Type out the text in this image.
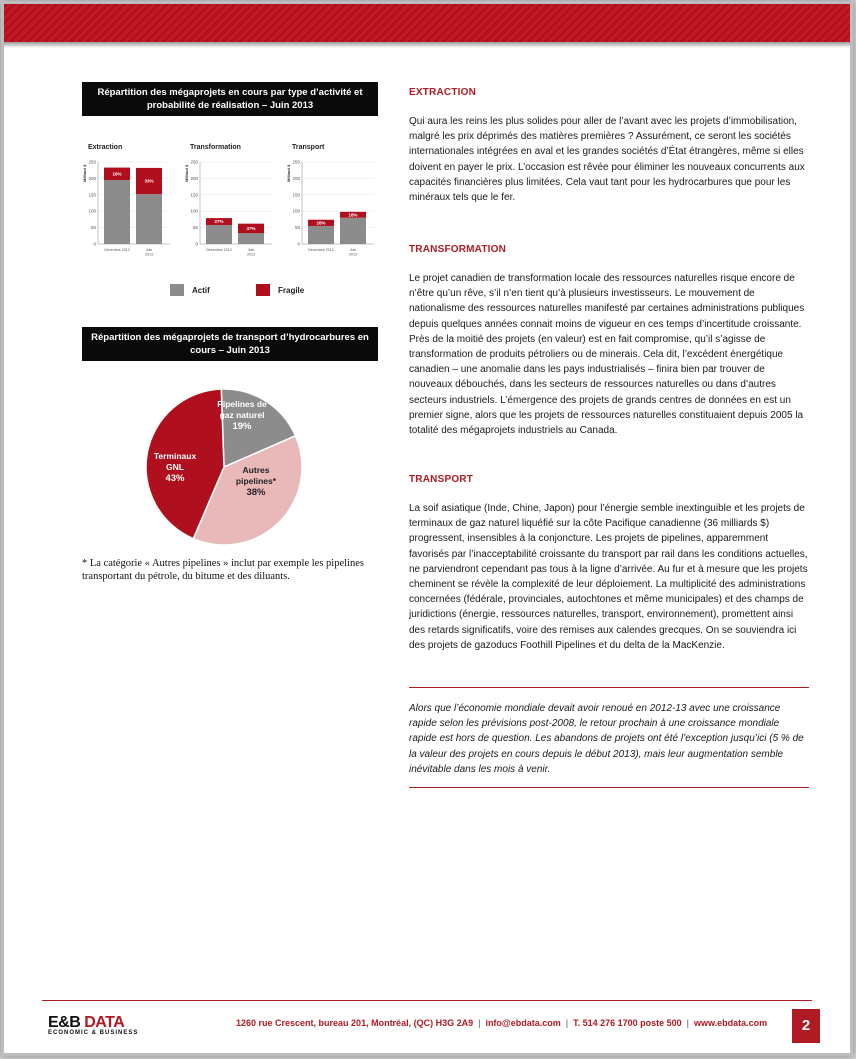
Répartition des mégaprojets en cours par type d’activité et probabilité de réalisation – Juin 2013
Extraction
Milliard $
250
200
150
100
50
0
16%
Décembre 2012
33%
Juin 2013
Transformation
Milliard $
250
200
150
100
50
0
27%
Décembre 2012
47%
Juin 2013
Transport
Milliard $
250
200
150
100
50
0
26%
Décembre 2012
18%
Juin 2013
Actif	Fragile
Répartition des mégaprojets de transport d’hydrocarbures en cours – Juin 2013
Pipelines de gaz naturel
19%
Autres pipelines*
38%
Terminaux GNL
43%
* La catégorie « Autres pipelines » inclut par exemple les pipelines transportant du pétrole, du bitume et des diluants.
EXTRACTION
Qui aura les reins les plus solides pour aller de l’avant avec les projets d’immobilisation, malgré les prix déprimés des matières premières ? Assurément, ce seront les sociétés internationales intégrées en aval et les grandes sociétés d’État étrangères, même si elles doivent en payer le prix. L’occasion est rêvée pour éliminer les nouveaux concurrents aux capacités financières plus limitées. Cela vaut tant pour les hydrocarbures que pour les minéraux tels que le fer.
TRANSFORMATION
Le projet canadien de transformation locale des ressources naturelles risque encore de n’être qu’un rêve, s’il n’en tient qu’à plusieurs investisseurs. Le mouvement de nationalisme des ressources naturelles manifesté par certaines administrations publiques depuis quelques années connait moins de vigueur en ces temps d’incertitude croissante. Près de la moitié des projets (en valeur) est en fait compromise, qu’il s’agisse de transformation de produits pétroliers ou de minerais. Cela dit, l’excédent énergétique canadien – une anomalie dans les pays industrialisés – finira bien par trouver de nouveaux débouchés, dans les secteurs de ressources naturelles ou dans d’autres secteurs industriels. L’émergence des projets de grands centres de données en est un premier signe, alors que les projets de ressources naturelles constituaient depuis 2005 la totalité des mégaprojets industriels au Canada.
TRANSPORT
La soif asiatique (Inde, Chine, Japon) pour l’énergie semble inextinguible et les projets de terminaux de gaz naturel liquéfié sur la côte Pacifique canadienne (36 milliards $) progressent, insensibles à la conjoncture. Les projets de pipelines, apparemment favorisés par l’inacceptabilité croissante du transport par rail dans les conditions actuelles, ne parviendront cependant pas tous à la ligne d’arrivée. Au fur et à mesure que les projets cheminent se révèle la complexité de leur déploiement. La multiplicité des administrations concernées (fédérale, provinciales, autochtones et même municipales) et des champs de juridictions (énergie, ressources naturelles, transport, environnement), promettent ainsi des retards significatifs, voire des remises aux calendes grecques. On se souviendra ici des projets de gazoducs Foothill Pipelines et du delta de la MacKenzie.
Alors que l’économie mondiale devait avoir renoué en 2012-13 avec une croissance rapide selon les prévisions post-2008, le retour prochain à une croissance mondiale rapide est hors de question. Les abandons de projets ont été l’exception jusqu’ici (5 % de la valeur des projets en cours depuis le début 2013), mais leur augmentation semble inévitable dans les mois à venir.
E&B DATA
ECONOMIC & BUSINESS
1260 rue Crescent, bureau 201, Montréal, (QC) H3G 2A9 | info@ebdata.com | T. 514 276 1700 poste 500 | www.ebdata.com	2
